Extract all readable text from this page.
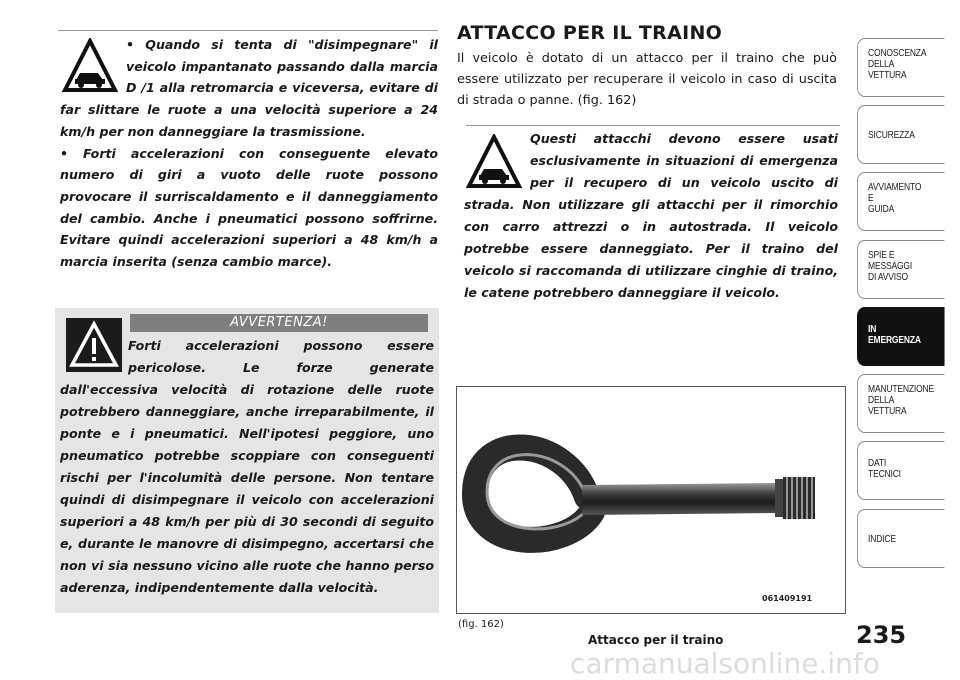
• Quando si tenta di "disimpegnare" il veicolo impantanato passando dalla marcia D /1 alla retromarcia e viceversa, evitare di far slittare le ruote a una velocità superiore a 24 km/h per non danneggiare la trasmissione.
• Forti accelerazioni con conseguente elevato numero di giri a vuoto delle ruote possono provocare il surriscaldamento e il danneggiamento del cambio. Anche i pneumatici possono soffrirne. Evitare quindi accelerazioni superiori a 48 km/h a marcia inserita (senza cambio marce).
AVVERTENZA!
Forti accelerazioni possono essere pericolose. Le forze generate dall'eccessiva velocità di rotazione delle ruote potrebbero danneggiare, anche irreparabilmente, il ponte e i pneumatici. Nell'ipotesi peggiore, uno pneumatico potrebbe scoppiare con conseguenti rischi per l'incolumità delle persone. Non tentare quindi di disimpegnare il veicolo con accelerazioni superiori a 48 km/h per più di 30 secondi di seguito e, durante le manovre di disimpegno, accertarsi che non vi sia nessuno vicino alle ruote che hanno perso aderenza, indipendentemente dalla velocità.
ATTACCO PER IL TRAINO
Il veicolo è dotato di un attacco per il traino che può essere utilizzato per recuperare il veicolo in caso di uscita di strada o panne. (fig. 162)
Questi attacchi devono essere usati esclusivamente in situazioni di emergenza per il recupero di un veicolo uscito di strada. Non utilizzare gli attacchi per il rimorchio con carro attrezzi o in autostrada. Il veicolo potrebbe essere danneggiato. Per il traino del veicolo si raccomanda di utilizzare cinghie di traino, le catene potrebbero danneggiare il veicolo.
061409191
(fig. 162)
Attacco per il traino	235
carmanualsonline.info
CONOSCENZA
DELLA
VETTURA
SICUREZZA
AVVIAMENTO
E
GUIDA
SPIE E
MESSAGGI
DI AVVISO
IN
EMERGENZA
MANUTENZIONE
DELLA
VETTURA
DATI
TECNICI
INDICE
